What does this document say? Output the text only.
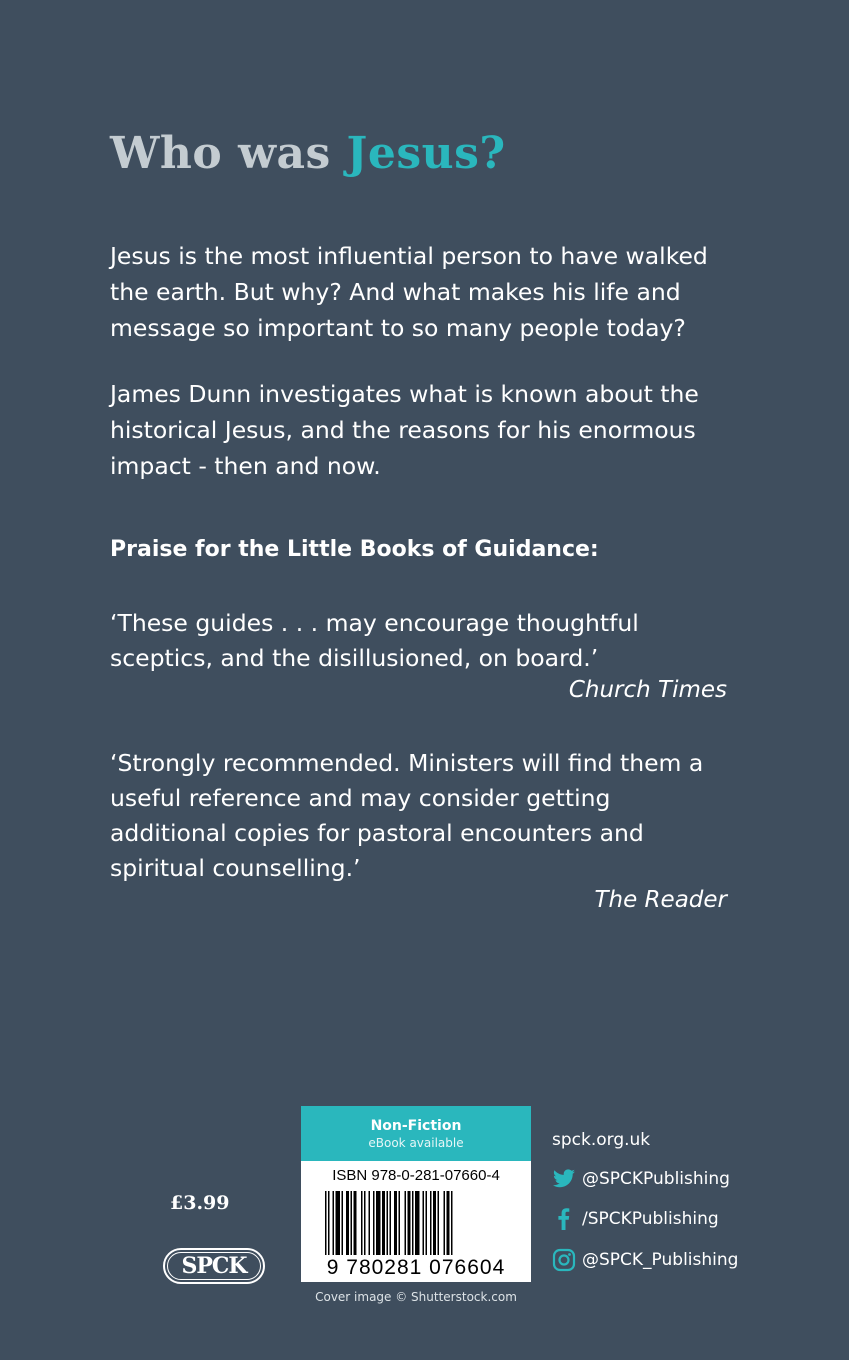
Who was Jesus?

Jesus is the most influential person to have walked the earth. But why? And what makes his life and message so important to so many people today?

James Dunn investigates what is known about the historical Jesus, and the reasons for his enormous impact - then and now.

Praise for the Little Books of Guidance:

‘These guides . . . may encourage thoughtful sceptics, and the disillusioned, on board.’

Church Times

‘Strongly recommended. Ministers will find them a useful reference and may consider getting additional copies for pastoral encounters and spiritual counselling.’

The Reader

£3.99
SPCK
Non-Fiction
eBook available
ISBN 978-0-281-07660-4
9 780281 076604
Cover image © Shutterstock.com
spck.org.uk
@SPCKPublishing
/SPCKPublishing
@SPCK_Publishing
